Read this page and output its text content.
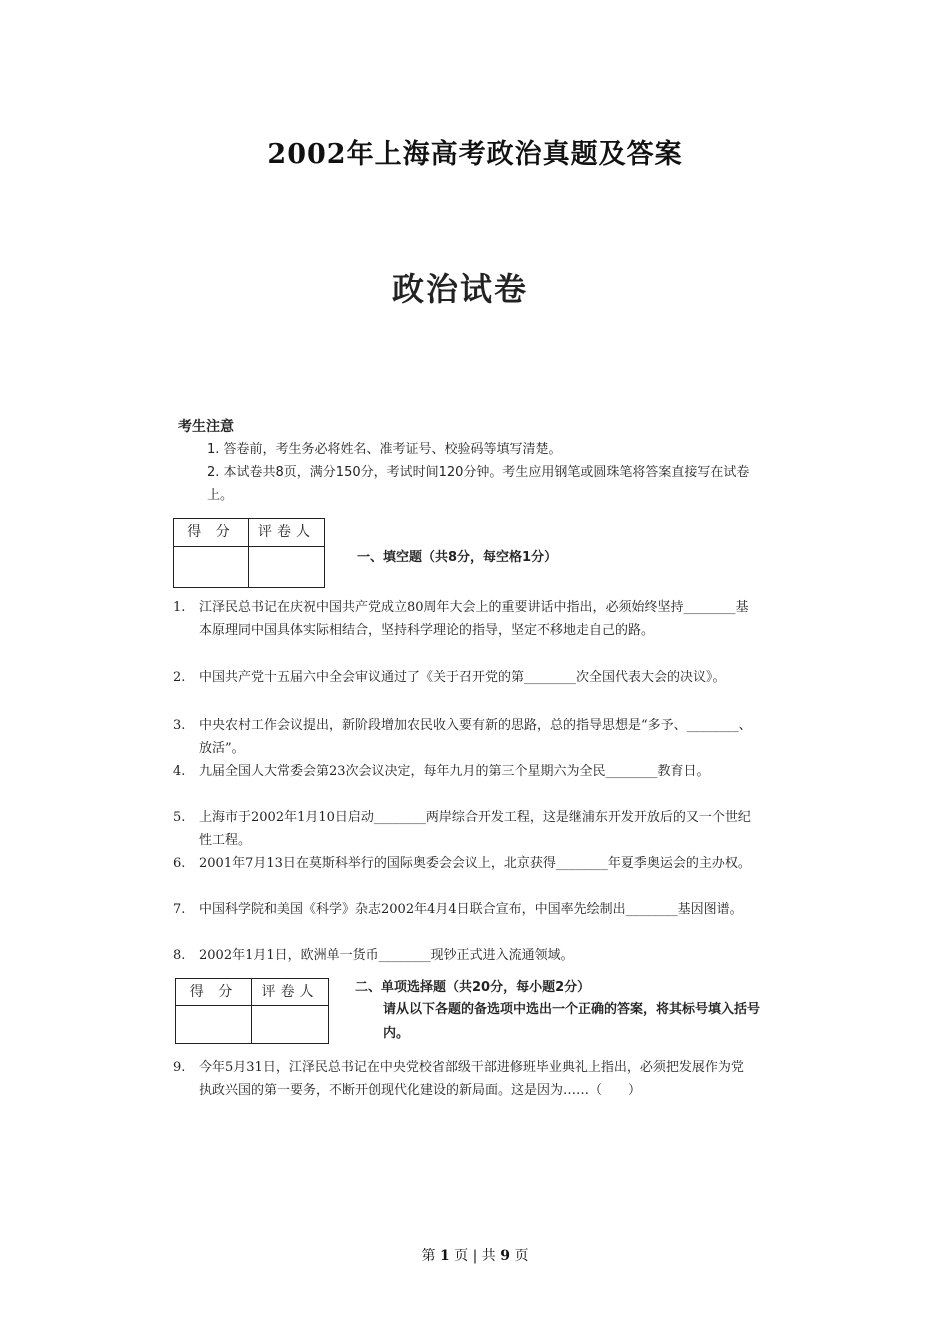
2002年上海高考政治真题及答案
政治试卷
考生注意
1. 答卷前，考生务必将姓名、准考证号、校验码等填写清楚。
2. 本试卷共8页，满分150分，考试时间120分钟。考生应用钢笔或圆珠笔将答案直接写在试卷上。
得 分	评卷人
一、填空题（共8分，每空格1分）
1. 江泽民总书记在庆祝中国共产党成立80周年大会上的重要讲话中指出，必须始终坚持________基本原理同中国具体实际相结合，坚持科学理论的指导，坚定不移地走自己的路。
2. 中国共产党十五届六中全会审议通过了《关于召开党的第________次全国代表大会的决议》。
3. 中央农村工作会议提出，新阶段增加农民收入要有新的思路，总的指导思想是“多予、________、放活”。
4. 九届全国人大常委会第23次会议决定，每年九月的第三个星期六为全民________教育日。
5. 上海市于2002年1月10日启动________两岸综合开发工程，这是继浦东开发开放后的又一个世纪性工程。
6. 2001年7月13日在莫斯科举行的国际奥委会会议上，北京获得________年夏季奥运会的主办权。
7. 中国科学院和美国《科学》杂志2002年4月4日联合宣布，中国率先绘制出________基因图谱。
8. 2002年1月1日，欧洲单一货币________现钞正式进入流通领域。
得 分	评卷人	二、单项选择题（共20分，每小题2分）
请从以下各题的备选项中选出一个正确的答案，将其标号填入括号内。
9. 今年5月31日，江泽民总书记在中央党校省部级干部进修班毕业典礼上指出，必须把发展作为党执政兴国的第一要务，不断开创现代化建设的新局面。这是因为……（　　）
第 1 页 | 共 9 页
